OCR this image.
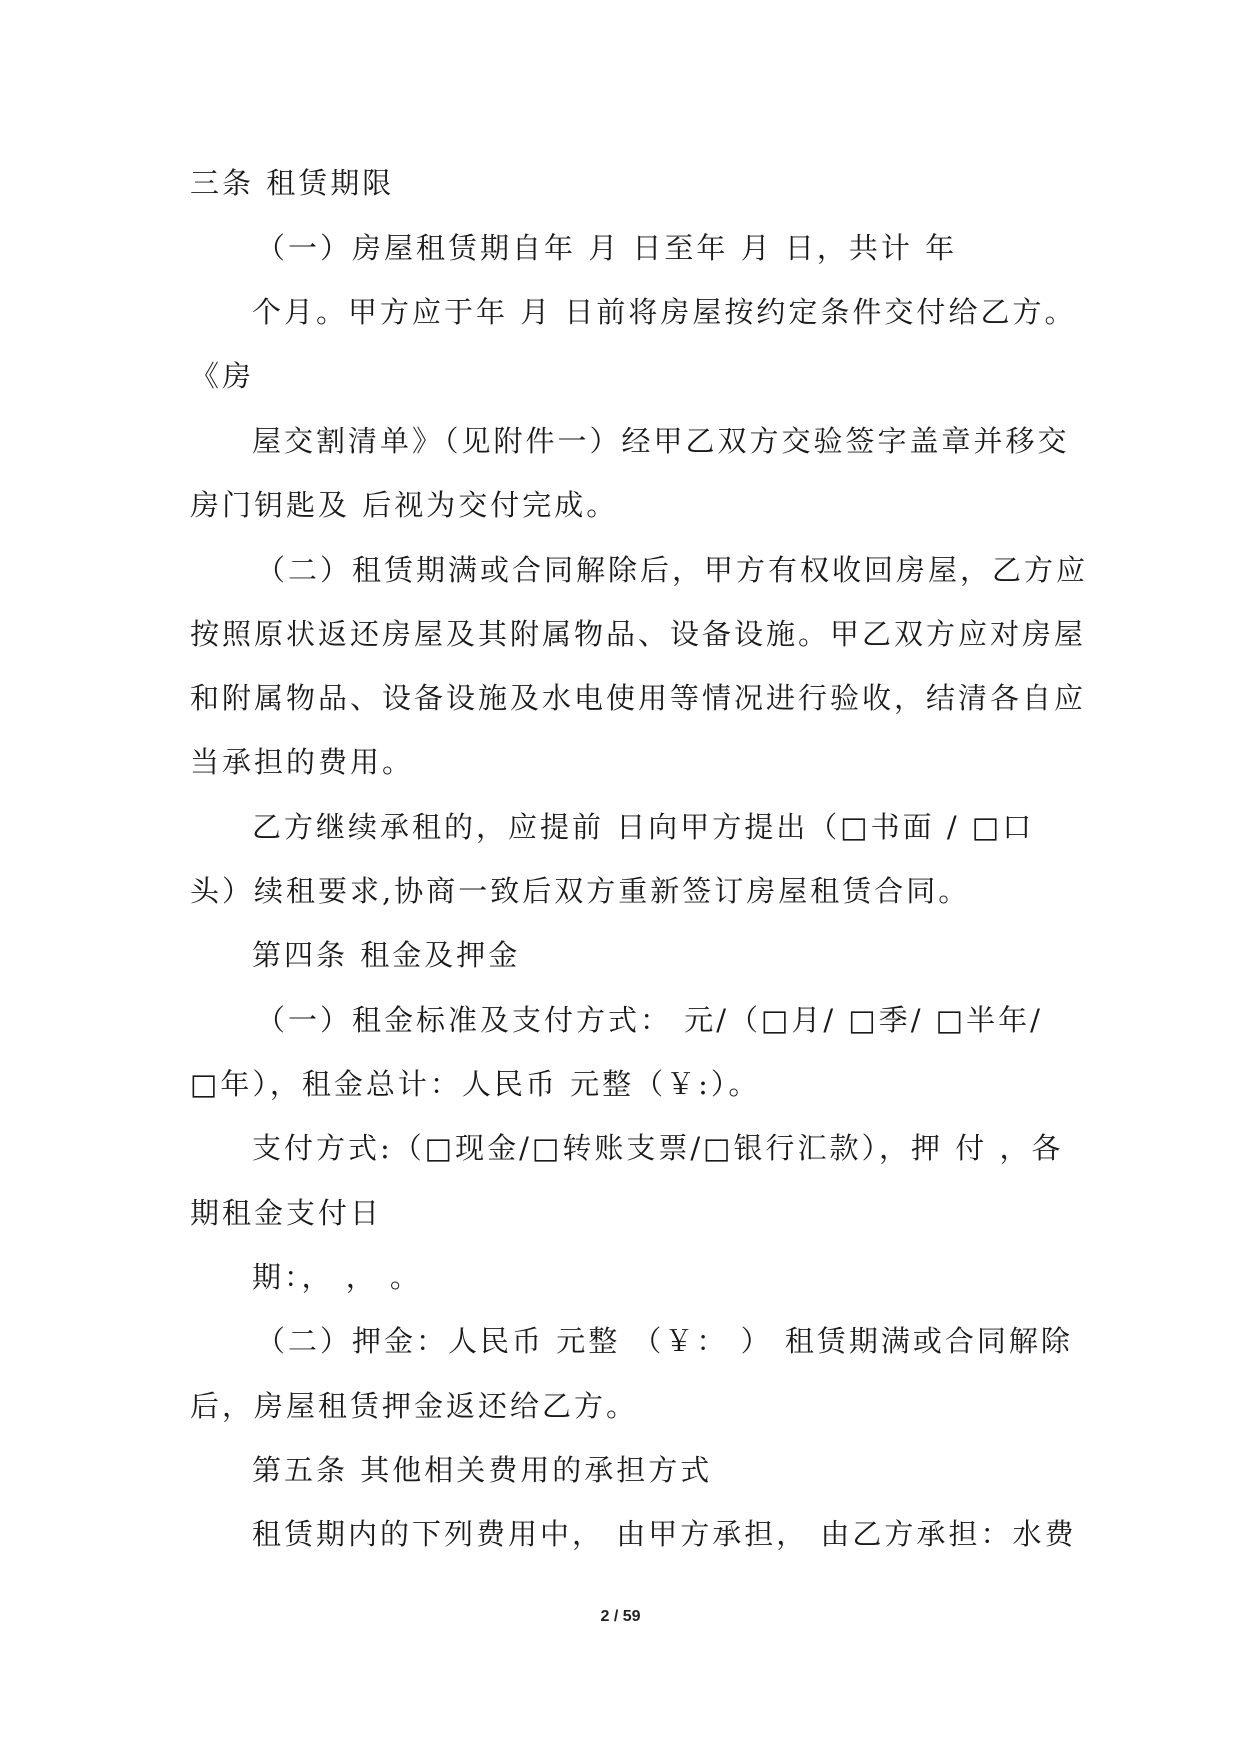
三条 租赁期限
（一）房屋租赁期自年 月 日至年 月 日，共计 年
个月。甲方应于年 月 日前将房屋按约定条件交付给乙方。
《房
屋交割清单》（见附件一）经甲乙双方交验签字盖章并移交
房门钥匙及 后视为交付完成。
（二）租赁期满或合同解除后，甲方有权收回房屋，乙方应
按照原状返还房屋及其附属物品、设备设施。甲乙双方应对房屋
和附属物品、设备设施及水电使用等情况进行验收，结清各自应
当承担的费用。
乙方继续承租的，应提前 日向甲方提出（□书面 / □口
头）续租要求,协商一致后双方重新签订房屋租赁合同。
第四条 租金及押金
（一）租金标准及支付方式： 元/（□月/ □季/ □半年/
□年），租金总计：人民币 元整（￥:）。
支付方式:（□现金/□转账支票/□银行汇款），押 付 ，各
期租金支付日
期：， ， 。
（二）押金：人民币 元整 （￥： ） 租赁期满或合同解除
后，房屋租赁押金返还给乙方。
第五条 其他相关费用的承担方式
租赁期内的下列费用中， 由甲方承担， 由乙方承担：水费
2 / 59
